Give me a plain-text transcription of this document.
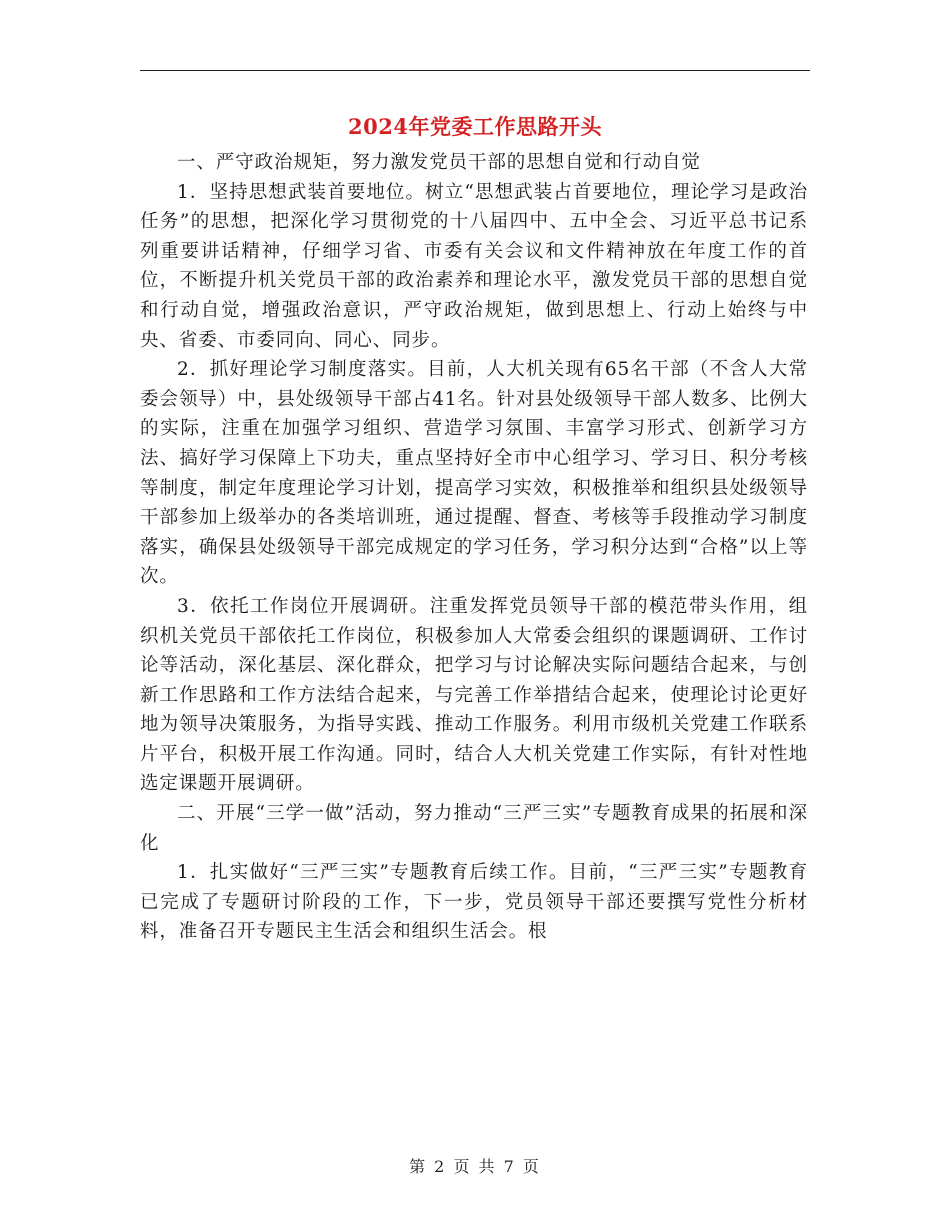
2024年党委工作思路开头

一、严守政治规矩，努力激发党员干部的思想自觉和行动自觉

1．坚持思想武装首要地位。树立“思想武装占首要地位，理论学习是政治任务”的思想，把深化学习贯彻党的十八届四中、五中全会、习近平总书记系列重要讲话精神，仔细学习省、市委有关会议和文件精神放在年度工作的首位，不断提升机关党员干部的政治素养和理论水平，激发党员干部的思想自觉和行动自觉，增强政治意识，严守政治规矩，做到思想上、行动上始终与中央、省委、市委同向、同心、同步。

2．抓好理论学习制度落实。目前，人大机关现有65名干部（不含人大常委会领导）中，县处级领导干部占41名。针对县处级领导干部人数多、比例大的实际，注重在加强学习组织、营造学习氛围、丰富学习形式、创新学习方法、搞好学习保障上下功夫，重点坚持好全市中心组学习、学习日、积分考核等制度，制定年度理论学习计划，提高学习实效，积极推举和组织县处级领导干部参加上级举办的各类培训班，通过提醒、督查、考核等手段推动学习制度落实，确保县处级领导干部完成规定的学习任务，学习积分达到“合格”以上等次。

3．依托工作岗位开展调研。注重发挥党员领导干部的模范带头作用，组织机关党员干部依托工作岗位，积极参加人大常委会组织的课题调研、工作讨论等活动，深化基层、深化群众，把学习与讨论解决实际问题结合起来，与创新工作思路和工作方法结合起来，与完善工作举措结合起来，使理论讨论更好地为领导决策服务，为指导实践、推动工作服务。利用市级机关党建工作联系片平台，积极开展工作沟通。同时，结合人大机关党建工作实际，有针对性地选定课题开展调研。

二、开展“三学一做”活动，努力推动“三严三实”专题教育成果的拓展和深化

1．扎实做好“三严三实”专题教育后续工作。目前，“三严三实”专题教育已完成了专题研讨阶段的工作，下一步，党员领导干部还要撰写党性分析材料，准备召开专题民主生活会和组织生活会。根

第 2 页 共 7 页
